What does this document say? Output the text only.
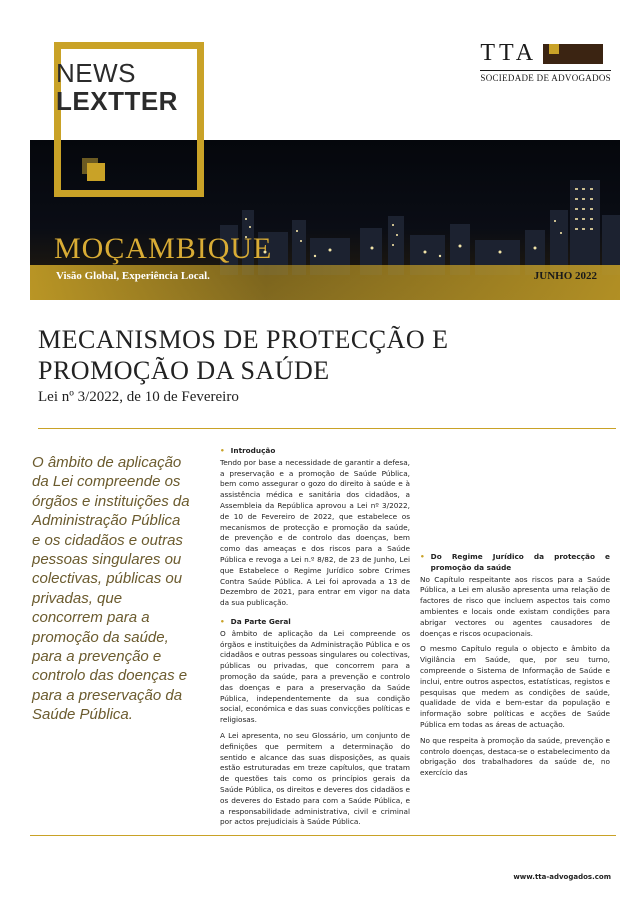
NEWS
LEXTTER
TTA
SOCIEDADE DE ADVOGADOS
MOÇAMBIQUE
Visão Global, Experiência Local.	JUNHO 2022
MECANISMOS DE PROTECÇÃO E PROMOÇÃO DA SAÚDE
Lei nº 3/2022, de 10 de Fevereiro

O âmbito de aplicação da Lei compreende os órgãos e instituições da Administração Pública e os cidadãos e outras pessoas singulares ou colectivas, públicas ou privadas, que concorrem para a promoção da saúde, para a prevenção e controlo das doenças e para a preservação da Saúde Pública.

• Introdução

Tendo por base a necessidade de garantir a defesa, a preservação e a promoção de Saúde Pública, bem como assegurar o gozo do direito à saúde e à assistência médica e sanitária dos cidadãos, a Assembleia da República aprovou a Lei nº 3/2022, de 10 de Fevereiro de 2022, que estabelece os mecanismos de protecção e promoção da saúde, de prevenção e de controlo das doenças, bem como das ameaças e dos riscos para a Saúde Pública e revoga a Lei n.º 8/82, de 23 de Junho, Lei que Estabelece o Regime Jurídico sobre Crimes Contra Saúde Pública. A Lei foi aprovada a 13 de Dezembro de 2021, para entrar em vigor na data da sua publicação.

• Da Parte Geral

O âmbito de aplicação da Lei compreende os órgãos e instituições da Administração Pública e os cidadãos e outras pessoas singulares ou colectivas, públicas ou privadas, que concorrem para a promoção da saúde, para a prevenção e controlo das doenças e para a preservação da Saúde Pública, independentemente da sua condição social, económica e das suas convicções políticas e religiosas.

A Lei apresenta, no seu Glossário, um conjunto de definições que permitem a determinação do sentido e alcance das suas disposições, as quais estão estruturadas em treze capítulos, que tratam de questões tais como os princípios gerais da Saúde Pública, os direitos e deveres dos cidadãos e os deveres do Estado para com a Saúde Pública, e a responsabilidade administrativa, civil e criminal por actos prejudiciais à Saúde Pública.

• Do Regime Jurídico da protecção e promoção da saúde

No Capítulo respeitante aos riscos para a Saúde Pública, a Lei em alusão apresenta uma relação de factores de risco que incluem aspectos tais como ambientes e locais onde existam condições para abrigar vectores ou agentes causadores de doenças e riscos ocupacionais.

O mesmo Capítulo regula o objecto e âmbito da Vigilância em Saúde, que, por seu turno, compreende o Sistema de Informação de Saúde e inclui, entre outros aspectos, estatísticas, registos e pesquisas que medem as condições de saúde, qualidade de vida e bem-estar da população e informação sobre políticas e acções de Saúde Pública em todas as áreas de actuação.

No que respeita à promoção da saúde, prevenção e controlo doenças, destaca-se o estabelecimento da obrigação dos trabalhadores da saúde de, no exercício das

www.tta-advogados.com
